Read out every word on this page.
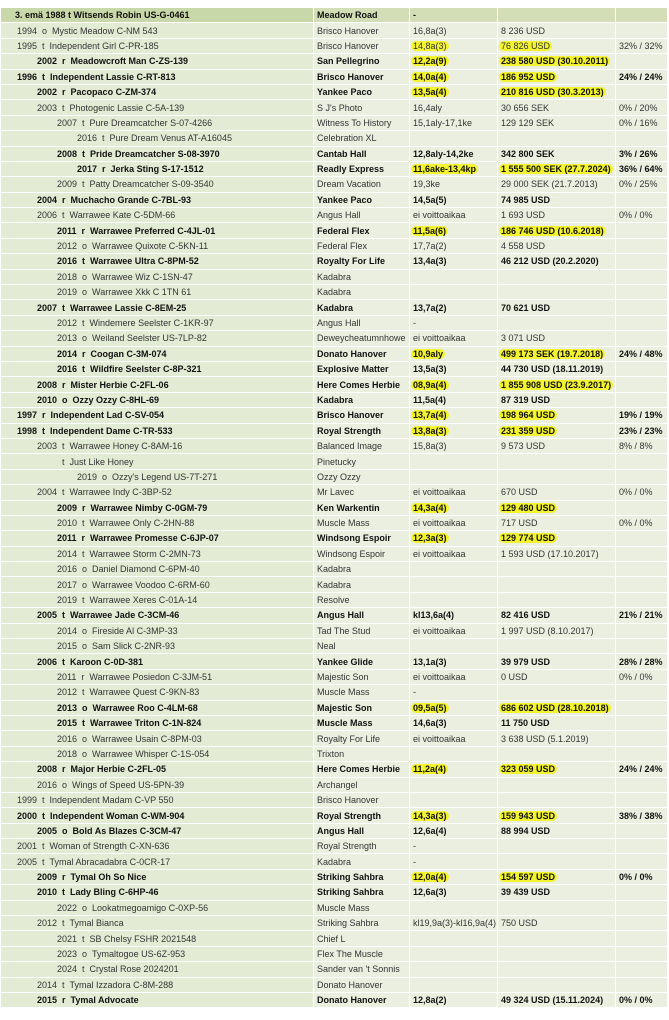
3. emä 1988 t Witsends Robin US-G-0461	Meadow Road	-		
1994 o Mystic Meadow C-NM 543	Brisco Hanover	16,8a(3)	8 236 USD	
1995 t Independent Girl C-PR-185	Brisco Hanover	14,8a(3)	76 826 USD	32% / 32%
2002 r Meadowcroft Man C-ZS-139	San Pellegrino	12,2a(9)	238 580 USD (30.10.2011)	
1996 t Independent Lassie C-RT-813	Brisco Hanover	14,0a(4)	186 952 USD	24% / 24%
2002 r Pacopaco C-ZM-374	Yankee Paco	13,5a(4)	210 816 USD (30.3.2013)	
2003 t Photogenic Lassie C-5A-139	S J's Photo	16,4aly	30 656 SEK	0% / 20%
2007 t Pure Dreamcatcher S-07-4266	Witness To History	15,1aly-17,1ke	129 129 SEK	0% / 16%
2016 t Pure Dream Venus AT-A16045	Celebration XL			
2008 t Pride Dreamcatcher S-08-3970	Cantab Hall	12,8aly-14,2ke	342 800 SEK	3% / 26%
2017 r Jerka Sting S-17-1512	Readly Express	11,6ake-13,4kp	1 555 500 SEK (27.7.2024)	36% / 64%
2009 t Patty Dreamcatcher S-09-3540	Dream Vacation	19,3ke	29 000 SEK (21.7.2013)	0% / 25%
2004 r Muchacho Grande C-7BL-93	Yankee Paco	14,5a(5)	74 985 USD	
2006 t Warrawee Kate C-5DM-66	Angus Hall	ei voittoaikaa	1 693 USD	0% / 0%
2011 r Warrawee Preferred C-4JL-01	Federal Flex	11,5a(6)	186 746 USD (10.6.2018)	
2012 o Warrawee Quixote C-5KN-11	Federal Flex	17,7a(2)	4 558 USD	
2016 t Warrawee Ultra C-8PM-52	Royalty For Life	13,4a(3)	46 212 USD (20.2.2020)	
2018 o Warrawee Wiz C-1SN-47	Kadabra			
2019 o Warrawee Xkk C 1TN 61	Kadabra			
2007 t Warrawee Lassie C-8EM-25	Kadabra	13,7a(2)	70 621 USD	
2012 t Windemere Seelster C-1KR-97	Angus Hall	-		
2013 o Weiland Seelster US-7LP-82	Deweycheatumnhowe	ei voittoaikaa	3 071 USD	
2014 r Coogan C-3M-074	Donato Hanover	10,9aly	499 173 SEK (19.7.2018)	24% / 48%
2016 t Wildfire Seelster C-8P-321	Explosive Matter	13,5a(3)	44 730 USD (18.11.2019)	
2008 r Mister Herbie C-2FL-06	Here Comes Herbie	08,9a(4)	1 855 908 USD (23.9.2017)	
2010 o Ozzy Ozzy C-8HL-69	Kadabra	11,5a(4)	87 319 USD	
1997 r Independent Lad C-SV-054	Brisco Hanover	13,7a(4)	198 964 USD	19% / 19%
1998 t Independent Dame C-TR-533	Royal Strength	13,8a(3)	231 359 USD	23% / 23%
2003 t Warrawee Honey C-8AM-16	Balanced Image	15,8a(3)	9 573 USD	8% / 8%
t Just Like Honey	Pinetucky			
2019 o Ozzy's Legend US-7T-271	Ozzy Ozzy			
2004 t Warrawee Indy C-3BP-52	Mr Lavec	ei voittoaikaa	670 USD	0% / 0%
2009 r Warrawee Nimby C-0GM-79	Ken Warkentin	14,3a(4)	129 480 USD	
2010 t Warrawee Only C-2HN-88	Muscle Mass	ei voittoaikaa	717 USD	0% / 0%
2011 r Warrawee Promesse C-6JP-07	Windsong Espoir	12,3a(3)	129 774 USD	
2014 t Warrawee Storm C-2MN-73	Windsong Espoir	ei voittoaikaa	1 593 USD (17.10.2017)	
2016 o Daniel Diamond C-6PM-40	Kadabra			
2017 o Warrawee Voodoo C-6RM-60	Kadabra			
2019 t Warrawee Xeres C-01A-14	Resolve			
2005 t Warrawee Jade C-3CM-46	Angus Hall	kl13,6a(4)	82 416 USD	21% / 21%
2014 o Fireside Al C-3MP-33	Tad The Stud	ei voittoaikaa	1 997 USD (8.10.2017)	
2015 o Sam Slick C-2NR-93	Neal			
2006 t Karoon C-0D-381	Yankee Glide	13,1a(3)	39 979 USD	28% / 28%
2011 r Warrawee Posiedon C-3JM-51	Majestic Son	ei voittoaikaa	0 USD	0% / 0%
2012 t Warrawee Quest C-9KN-83	Muscle Mass	-		
2013 o Warrawee Roo C-4LM-68	Majestic Son	09,5a(5)	686 602 USD (28.10.2018)	
2015 t Warrawee Triton C-1N-824	Muscle Mass	14,6a(3)	11 750 USD	
2016 o Warrawee Usain C-8PM-03	Royalty For Life	ei voittoaikaa	3 638 USD (5.1.2019)	
2018 o Warrawee Whisper C-1S-054	Trixton			
2008 r Major Herbie C-2FL-05	Here Comes Herbie	11,2a(4)	323 059 USD	24% / 24%
2016 o Wings of Speed US-5PN-39	Archangel			
1999 t Independent Madam C-VP 550	Brisco Hanover			
2000 t Independent Woman C-WM-904	Royal Strength	14,3a(3)	159 943 USD	38% / 38%
2005 o Bold As Blazes C-3CM-47	Angus Hall	12,6a(4)	88 994 USD	
2001 t Woman of Strength C-XN-636	Royal Strength	-		
2005 t Tymal Abracadabra C-0CR-17	Kadabra	-		
2009 r Tymal Oh So Nice	Striking Sahbra	12,0a(4)	154 597 USD	0% / 0%
2010 t Lady Bling C-6HP-46	Striking Sahbra	12,6a(3)	39 439 USD	
2022 o Lookatmegoamigo C-0XP-56	Muscle Mass			
2012 t Tymal Bianca	Striking Sahbra	kl19,9a(3)-kl16,9a(4)	750 USD	
2021 t SB Chelsy FSHR 2021548	Chief L			
2023 o Tymaltogoe US-6Z-953	Flex The Muscle			
2024 t Crystal Rose 2024201	Sander van 't Sonnis			
2014 t Tymal Izzadora C-8M-288	Donato Hanover			
2015 r Tymal Advocate	Donato Hanover	12,8a(2)	49 324 USD (15.11.2024)	0% / 0%
